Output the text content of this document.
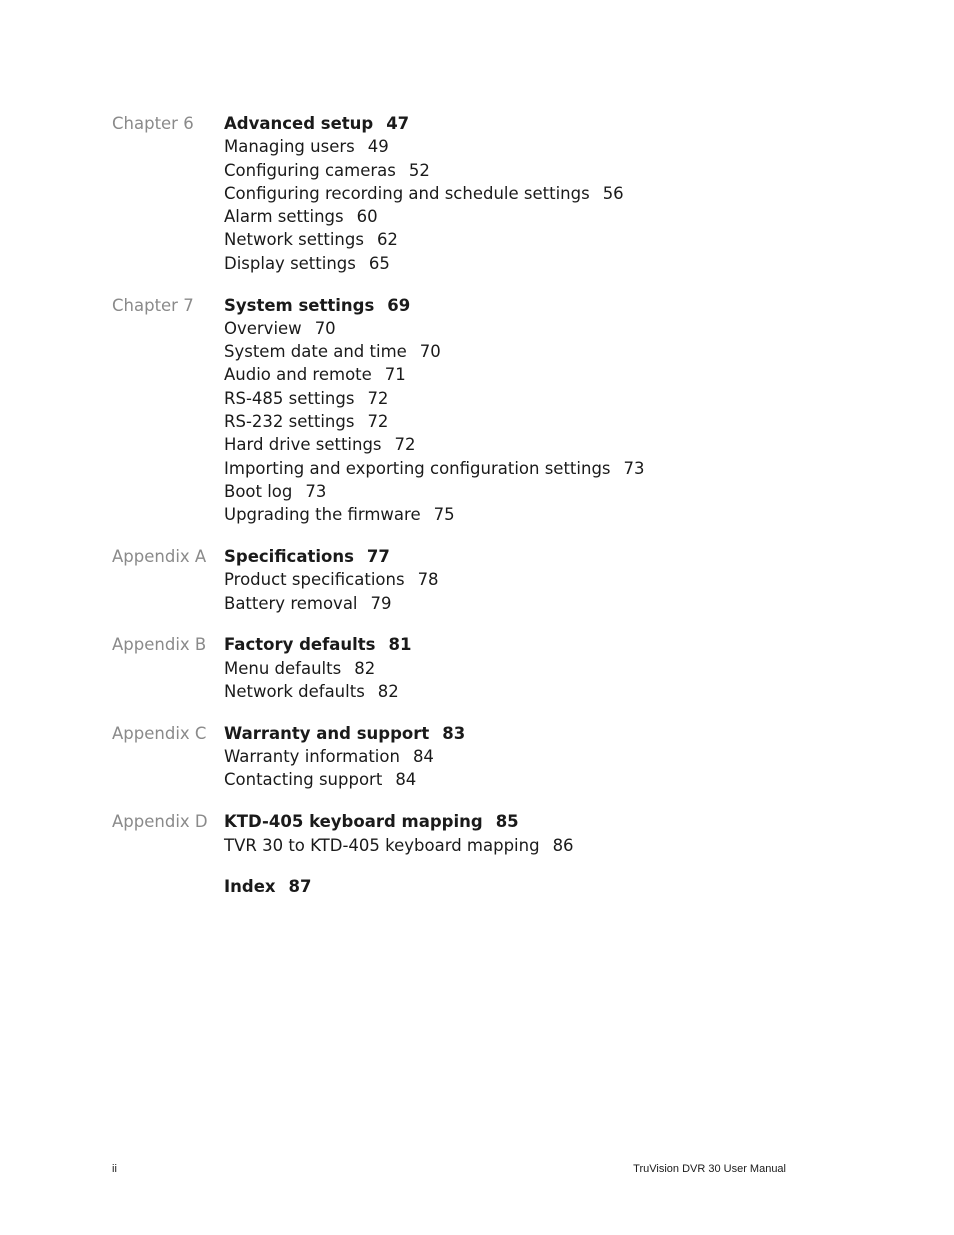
Chapter 6	Advanced setup 47
Managing users 49
Configuring cameras 52
Configuring recording and schedule settings 56
Alarm settings 60
Network settings 62
Display settings 65
Chapter 7	System settings 69
Overview 70
System date and time 70
Audio and remote 71
RS-485 settings 72
RS-232 settings 72
Hard drive settings 72
Importing and exporting configuration settings 73
Boot log 73
Upgrading the firmware 75
Appendix A	Specifications 77
Product specifications 78
Battery removal 79
Appendix B	Factory defaults 81
Menu defaults 82
Network defaults 82
Appendix C	Warranty and support 83
Warranty information 84
Contacting support 84
Appendix D KTD-405 keyboard mapping 85
TVR 30 to KTD-405 keyboard mapping 86
Index 87
ii	TruVision DVR 30 User Manual
